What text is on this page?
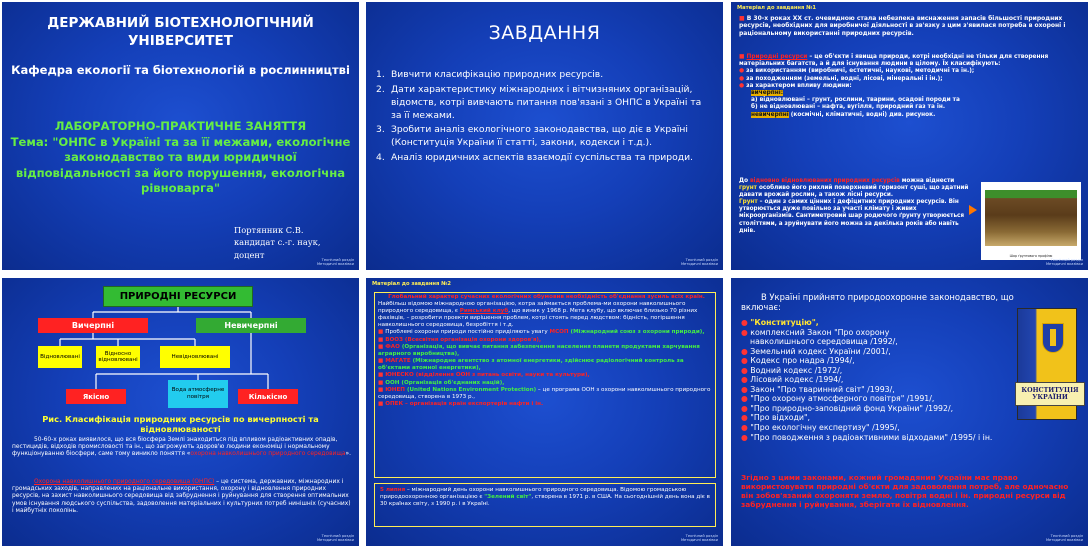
ДЕРЖАВНИЙ БІОТЕХНОЛОГІЧНИЙ УНІВЕРСИТЕТ
Кафедра екології та біотехнологій в рослинництві
ЛАБОРАТОРНО-ПРАКТИЧНЕ ЗАНЯТТЯ
Тема: "ОНПС в Україні та за її межами, екологічне законодавство та види юридичної відповідальності за його порушення, екологічна рівноварга"
Портянник С.В.
кандидат с.-г. наук,
доцент
Технічний розділ
Методичні вказівки
ЗАВДАННЯ
1. Вивчити класифікацію природних ресурсів.
2. Дати характеристику міжнародних і вітчизняних організацій, відомств, котрі вивчають питання пов'язані з ОНПС в Україні та за її межами.
3. Зробити аналіз екологічного законодавства, що діє в Україні (Конституція України її статті, закони, кодекси і т.д.).
4. Аналіз юридичних аспектів взаємодії суспільства та природи.
Технічний розділ
Методичні вказівки
Матеріал до завдання №1
■ В 30-х роках ХХ ст. очевидною стала небезпека виснаження запасів більшості природних ресурсів, необхідних для виробничої діяльності в зв'язку з цим з'явилася потреба в охороні і раціональному використанні природних ресурсів.
■ Природні ресурси – це об'єкти і явища природи, котрі необхідні не тільки для створення матеріальних багатств, а й для існування людини в цілому. Їх класифікують:
● за використанням (виробничі, естетичні, наукові, методичні та ін.);
● за походженням (земельні, водні, лісові, мінеральні і ін.);
● за характером впливу людини:
вичерпні:
а) відновлювані – грунт, рослини, тварини, осадові породи та
б) не відновлювані – нафта, вугілля, природний газ та ін.
невичерпні (космічні, кліматичні, водні) див. рисунок.
До відновно відновлюваних природних ресурсів можна віднести грунт особливо його рихлий поверхневий горизонт суші, що здатний давати врожай рослин, а також лісні ресурси.
Грунт – один з самих цінних і дефіцитних природних ресурсів. Він утворюється дуже повільно за участі клімату і живих мікроорганізмів. Сантиметровий шар родючого ґрунту утворюється століттями, а зруйнувати його можна за декілька років або навіть днів.
Шар ґрунтового профілю
Технічний розділ
Методичні вказівки
ПРИРОДНІ РЕСУРСИ
Вичерпні	Невичерпні
Відновлювані	Відносно відновлювані	Невідновлювані
Якісно
Вода атмосферне повітря	Кількісно
Рис. Класифікація природних ресурсів по вичерпності та відновлюваності
50-60-х роках виявилося, що вся біосфера Землі знаходиться під впливом радіоактивних опадів, пестицидів, відходів промисловості та ін., що загрожують здоров'ю людини економіці і нормальному функціонуванню біосфери, саме тому виникло поняття «охорона навколишнього природного середовища».
Охорона навколишнього природного середовища (ОНПС) – це система, державних, міжнародних і громадських заходів, направлених на раціональне використання, охорону і відновлення природних ресурсів, на захист навколишнього середовища від забруднення і руйнування для створення оптимальних умов існування людського суспільства, задоволення матеріальних і культурних потреб нинішніх (сучасних) і майбутніх поколінь.
Технічний розділ
Методичні вказівки
Матеріал до завдання №2

Глобальний характер сучасних екологічних обумовив необхідність об'єднання зусиль всіх країн.

Найбільш відомою міжнародною організацією, котра займається проблема-ми охорони навколишнього природного середовища, є Римський клуб, що виник у 1968 р. Мета клубу, що включає близько 70 різних фахівців, – розробити проекти вирішення проблем, котрі стоять перед людством: бідність, погіршення навколишнього середовища, безробіття і т.д.

■ Проблемі охорони природи постійно приділяють увагу МСОП (Міжнародний союз з охорони природи),

■ ВООЗ (Всесвітня організація охорони здоров'я),

■ ФАО (Організація, що вивчає питання забезпечення населення планети продуктами харчування аграрного виробництва),

■ МАГАТЕ (Міжнародне агентство з атомної енергетики, здійснює радіологічний контроль за об'єктами атомної енергетики),

■ ЮНЕСКО (відділення ООН з питань освіти, науки та культури),

■ ООН (Організація об'єднаних націй),

■ ЮНЕП (United Nations Environment Protection) – це програма ООН з охорони навколишнього природного середовища, створена в 1973 р.,

■ ОПЕК – організація країн експортерів нафти і ін.

5 липня – міжнародний день охорони навколишнього природного середовища. Відомою громадською природоохоронною організацією є "Зелений світ", створена в 1971 р. в США. На сьогоднішній день вона діє в 30 країнах світу, з 1990 р. і в Україні.
Технічний розділ
Методичні вказівки
В Україні прийнято природоохоронне законодавство, що включає:
● "Конституцію",
● комплексний Закон "Про охорону
навколишнього середовища /1992/,
● Земельний кодекс України /2001/,
● Кодекс про надра /1994/,
● Водний кодекс /1972/,
● Лісовий кодекс /1994/,
● Закон "Про тваринний світ" /1993/,
● "Про охорону атмосферного повітря" /1991/,
● "Про природно-заповідний фонд України" /1992/,
● "Про відходи",
● "Про екологічну експертизу" /1995/,
● "Про поводження з радіоактивними відходами" /1995/ і ін.
КОНСТИТУЦІЯ УКРАЇНИ
Згідно з цими законами, кожний громадянин України має право використовувати природні об'єкти для задоволення потреб, але одночасно він зобов'язаний охороняти землю, повітря водні і ін. природні ресурси від забруднення і руйнування, зберігати їх відновлення.
Технічний розділ
Методичні вказівки
